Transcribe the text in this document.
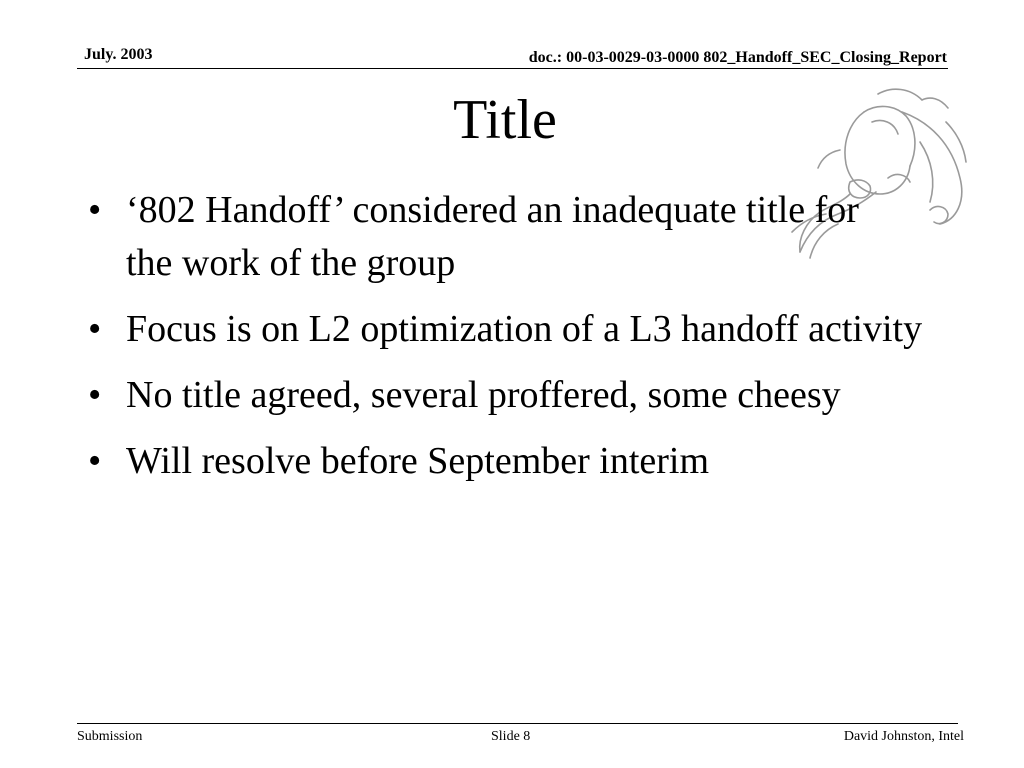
July. 2003	doc.: 00-03-0029-03-0000 802_Handoff_SEC_Closing_Report
Title
• ‘802 Handoff’ considered an inadequate title for the work of the group
• Focus is on L2 optimization of a L3 handoff activity
• No title agreed, several proffered, some cheesy
• Will resolve before September interim
Submission	Slide 8	David Johnston, Intel
